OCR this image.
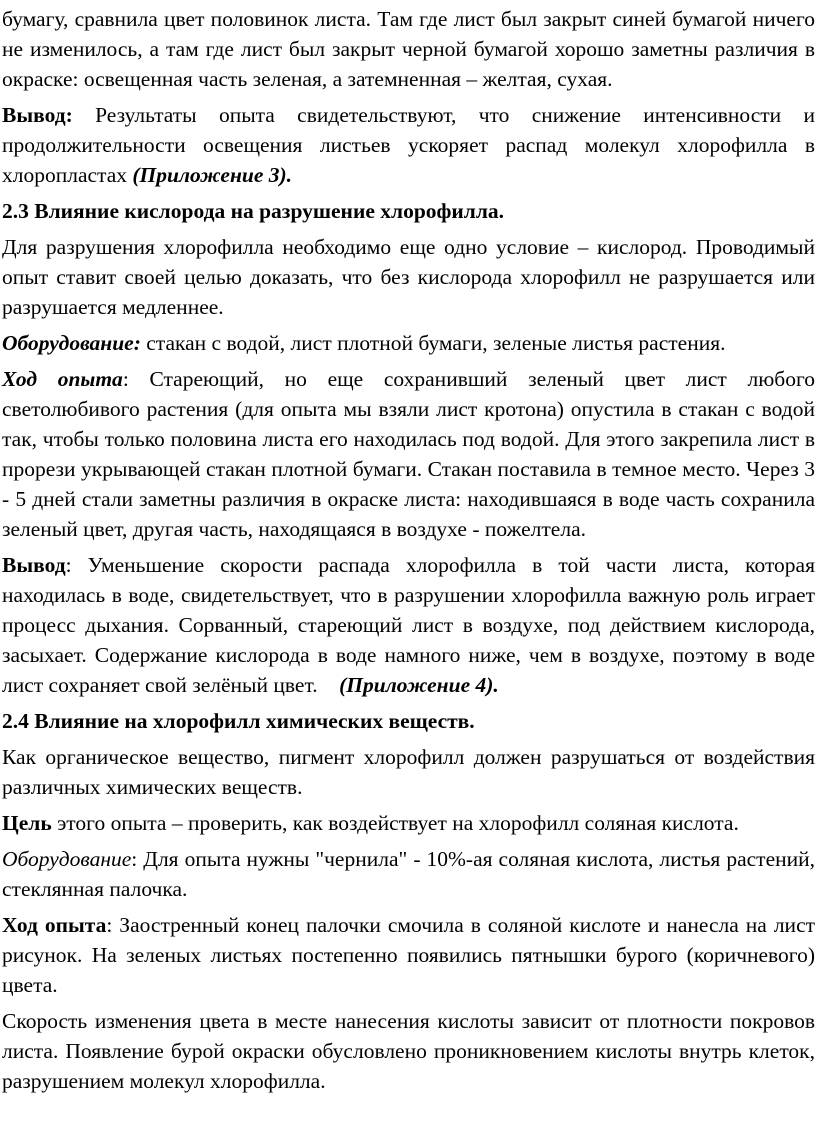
бумагу, сравнила цвет половинок листа. Там где лист был закрыт синей бумагой ничего не изменилось, а там где лист был закрыт черной бумагой хорошо заметны различия в окраске: освещенная часть зеленая, а затемненная – желтая, сухая.

Вывод: Результаты опыта свидетельствуют, что снижение интенсивности и продолжительности освещения листьев ускоряет распад молекул хлорофилла в хлоропластах (Приложение 3).

2.3 Влияние кислорода на разрушение хлорофилла.

Для разрушения хлорофилла необходимо еще одно условие – кислород. Проводимый опыт ставит своей целью доказать, что без кислорода хлорофилл не разрушается или разрушается медленнее.

Оборудование: стакан с водой, лист плотной бумаги, зеленые листья растения.

Ход опыта: Стареющий, но еще сохранивший зеленый цвет лист любого светолюбивого растения (для опыта мы взяли лист кротона) опустила в стакан с водой так, чтобы только половина листа его находилась под водой. Для этого закрепила лист в прорези укрывающей стакан плотной бумаги. Стакан поставила в темное место. Через 3 - 5 дней стали заметны различия в окраске листа: находившаяся в воде часть сохранила зеленый цвет, другая часть, находящаяся в воздухе - пожелтела.

Вывод: Уменьшение скорости распада хлорофилла в той части листа, которая находилась в воде, свидетельствует, что в разрушении хлорофилла важную роль играет процесс дыхания. Сорванный, стареющий лист в воздухе, под действием кислорода, засыхает. Содержание кислорода в воде намного ниже, чем в воздухе, поэтому в воде лист сохраняет свой зелёный цвет.    (Приложение 4).

2.4 Влияние на хлорофилл химических веществ.

Как органическое вещество, пигмент хлорофилл должен разрушаться от воздействия различных химических веществ.

Цель этого опыта – проверить, как воздействует на хлорофилл соляная кислота.

Оборудование: Для опыта нужны "чернила" - 10%-ая соляная кислота, листья растений, стеклянная палочка.

Ход опыта: Заостренный конец палочки смочила в соляной кислоте и нанесла на лист рисунок. На зеленых листьях постепенно появились пятнышки бурого (коричневого) цвета.

Скорость изменения цвета в месте нанесения кислоты зависит от плотности покровов листа. Появление бурой окраски обусловлено проникновением кислоты внутрь клеток, разрушением молекул хлорофилла.
